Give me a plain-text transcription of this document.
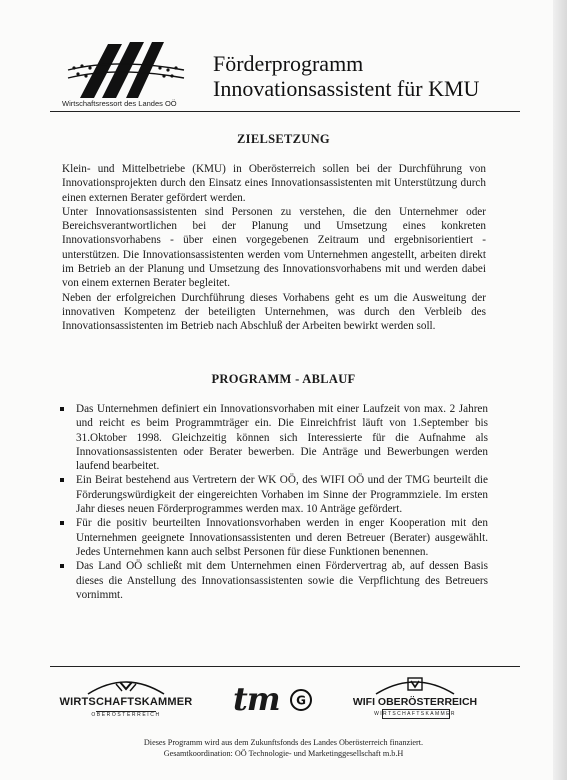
Wirtschaftsressort des Landes OÖ
Förderprogramm
Innovationsassistent für KMU
ZIELSETZUNG

Klein- und Mittelbetriebe (KMU) in Oberösterreich sollen bei der Durchführung von Innovationsprojekten durch den Einsatz eines Innovationsassistenten mit Unterstützung durch einen externen Berater gefördert werden.

Unter Innovationsassistenten sind Personen zu verstehen, die den Unternehmer oder Bereichsverantwortlichen bei der Planung und Umsetzung eines konkreten Innovationsvorhabens - über einen vorgegebenen Zeitraum und ergebnisorientiert - unterstützen. Die Innovationsassistenten werden vom Unternehmen angestellt, arbeiten direkt im Betrieb an der Planung und Umsetzung des Innovationsvorhabens mit und werden dabei von einem externen Berater begleitet.

Neben der erfolgreichen Durchführung dieses Vorhabens geht es um die Ausweitung der innovativen Kompetenz der beteiligten Unternehmen, was durch den Verbleib des Innovationsassistenten im Betrieb nach Abschluß der Arbeiten bewirkt werden soll.

PROGRAMM - ABLAUF
Das Unternehmen definiert ein Innovationsvorhaben mit einer Laufzeit von max. 2 Jahren und reicht es beim Programmträger ein. Die Einreichfrist läuft von 1.September bis 31.Oktober 1998. Gleichzeitig können sich Interessierte für die Aufnahme als Innovationsassistenten oder Berater bewerben. Die Anträge und Bewerbungen werden laufend bearbeitet.
Ein Beirat bestehend aus Vertretern der WK OÖ, des WIFI OÖ und der TMG beurteilt die Förderungswürdigkeit der eingereichten Vorhaben im Sinne der Programmziele. Im ersten Jahr dieses neuen Förderprogrammes werden max. 10 Anträge gefördert.
Für die positiv beurteilten Innovationsvorhaben werden in enger Kooperation mit den Unternehmen geeignete Innovationsassistenten und deren Betreuer (Berater) ausgewählt. Jedes Unternehmen kann auch selbst Personen für diese Funktionen benennen.
Das Land OÖ schließt mit dem Unternehmen einen Fördervertrag ab, auf dessen Basis dieses die Anstellung des Innovationsassistenten sowie die Verpflichtung des Betreuers vornimmt.
WIRTSCHAFTSKAMMER
OBERÖSTERREICH	tm G	WIFI OBERÖSTERREICH
WIRTSCHAFTSKAMMER
Dieses Programm wird aus dem Zukunftsfonds des Landes Oberösterreich finanziert.
Gesamtkoordination: OÖ Technologie- und Marketinggesellschaft m.b.H
